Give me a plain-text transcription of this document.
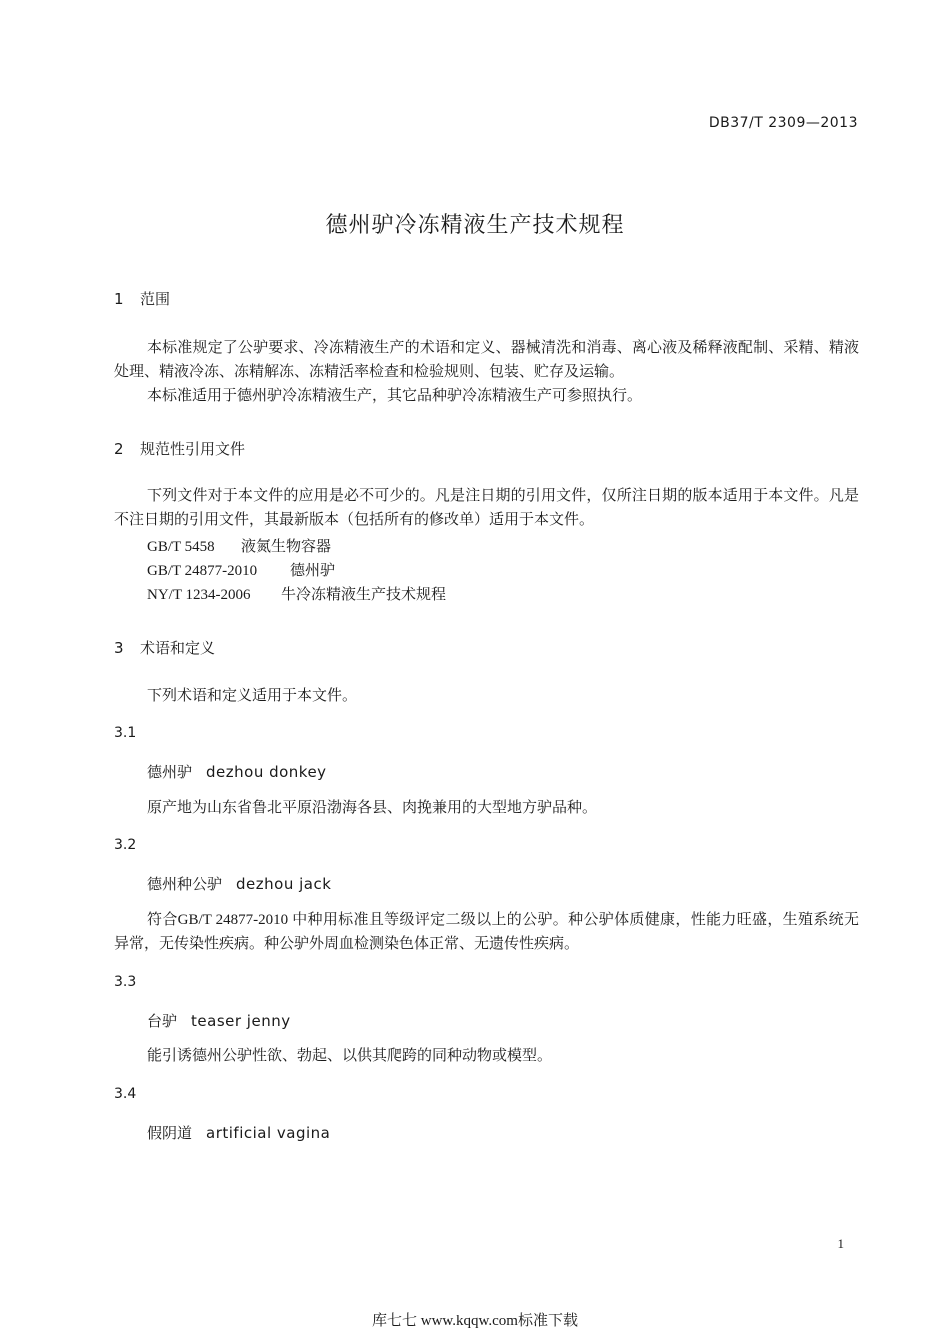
DB37/T 2309—2013
德州驴冷冻精液生产技术规程
1 范围
本标准规定了公驴要求、冷冻精液生产的术语和定义、器械清洗和消毒、离心液及稀释液配制、采精、精液处理、精液冷冻、冻精解冻、冻精活率检查和检验规则、包装、贮存及运输。
本标准适用于德州驴冷冻精液生产，其它品种驴冷冻精液生产可参照执行。
2 规范性引用文件
下列文件对于本文件的应用是必不可少的。凡是注日期的引用文件，仅所注日期的版本适用于本文件。凡是不注日期的引用文件，其最新版本（包括所有的修改单）适用于本文件。
GB/T 5458 液氮生物容器
GB/T 24877-2010 德州驴
NY/T 1234-2006 牛冷冻精液生产技术规程
3 术语和定义
下列术语和定义适用于本文件。
3.1
德州驴 dezhou donkey
原产地为山东省鲁北平原沿渤海各县、肉挽兼用的大型地方驴品种。
3.2
德州种公驴 dezhou jack
符合GB/T 24877-2010 中种用标准且等级评定二级以上的公驴。种公驴体质健康，性能力旺盛，生殖系统无异常，无传染性疾病。种公驴外周血检测染色体正常、无遗传性疾病。
3.3
台驴 teaser jenny
能引诱德州公驴性欲、勃起、以供其爬跨的同种动物或模型。
3.4
假阴道 artificial vagina
1
库七七 www.kqqw.com标准下载
